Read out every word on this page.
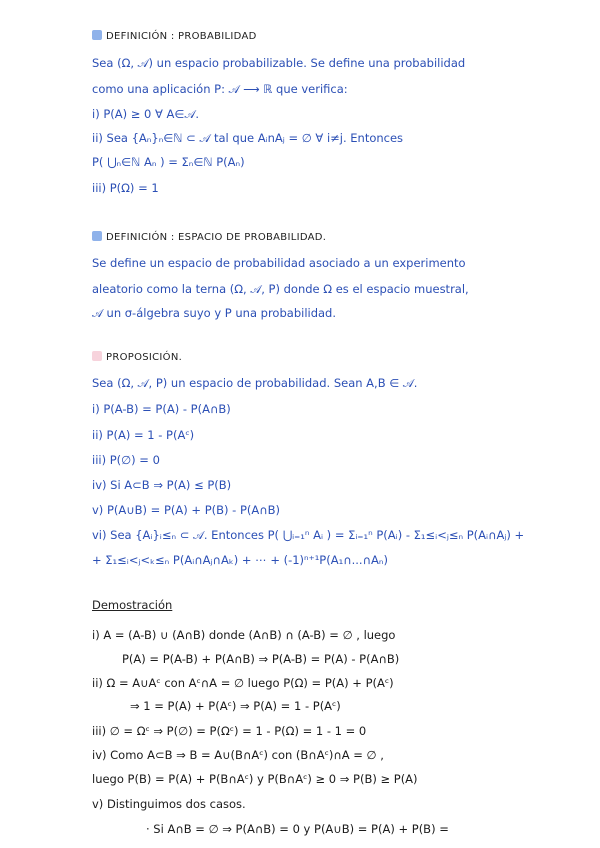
DEFINICIÓN : PROBABILIDAD
Sea (Ω, 𝒜) un espacio probabilizable. Se define una probabilidad
como una aplicación P: 𝒜 ⟶ ℝ que verifica:
i) P(A) ≥ 0 ∀ A∈𝒜.
ii) Sea {Aₙ}ₙ∈ℕ ⊂ 𝒜 tal que AᵢnAⱼ = ∅ ∀ i≠j. Entonces
P( ⋃ₙ∈ℕ Aₙ ) = Σₙ∈ℕ P(Aₙ)
iii) P(Ω) = 1
DEFINICIÓN : ESPACIO DE PROBABILIDAD.
Se define un espacio de probabilidad asociado a un experimento
aleatorio como la terna (Ω, 𝒜, P) donde Ω es el espacio muestral,
𝒜 un σ-álgebra suyo y P una probabilidad.
PROPOSICIÓN.
Sea (Ω, 𝒜, P) un espacio de probabilidad. Sean A,B ∈ 𝒜.
i) P(A-B) = P(A) - P(A∩B)
ii) P(A) = 1 - P(Aᶜ)
iii) P(∅) = 0
iv) Si A⊂B ⇒ P(A) ≤ P(B)
v) P(A∪B) = P(A) + P(B) - P(A∩B)
vi) Sea {Aᵢ}ᵢ≤ₙ ⊂ 𝒜. Entonces P( ⋃ᵢ₌₁ⁿ Aᵢ ) = Σᵢ₌₁ⁿ P(Aᵢ) - Σ₁≤ᵢ<ⱼ≤ₙ P(Aᵢ∩Aⱼ) +
+ Σ₁≤ᵢ<ⱼ<ₖ≤ₙ P(Aᵢ∩Aⱼ∩Aₖ) + ⋯ + (-1)ⁿ⁺¹P(A₁∩...∩Aₙ)
Demostración
i) A = (A-B) ∪ (A∩B) donde (A∩B) ∩ (A-B) = ∅ , luego
P(A) = P(A-B) + P(A∩B) ⇒ P(A-B) = P(A) - P(A∩B)
ii) Ω = A∪Aᶜ con Aᶜ∩A = ∅ luego P(Ω) = P(A) + P(Aᶜ)
⇒ 1 = P(A) + P(Aᶜ) ⇒ P(A) = 1 - P(Aᶜ)
iii) ∅ = Ωᶜ ⇒ P(∅) = P(Ωᶜ) = 1 - P(Ω) = 1 - 1 = 0
iv) Como A⊂B ⇒ B = A∪(B∩Aᶜ) con (B∩Aᶜ)∩A = ∅ ,
luego P(B) = P(A) + P(B∩Aᶜ) y P(B∩Aᶜ) ≥ 0 ⇒ P(B) ≥ P(A)
v) Distinguimos dos casos.
· Si A∩B = ∅ ⇒ P(A∩B) = 0 y P(A∪B) = P(A) + P(B) =
